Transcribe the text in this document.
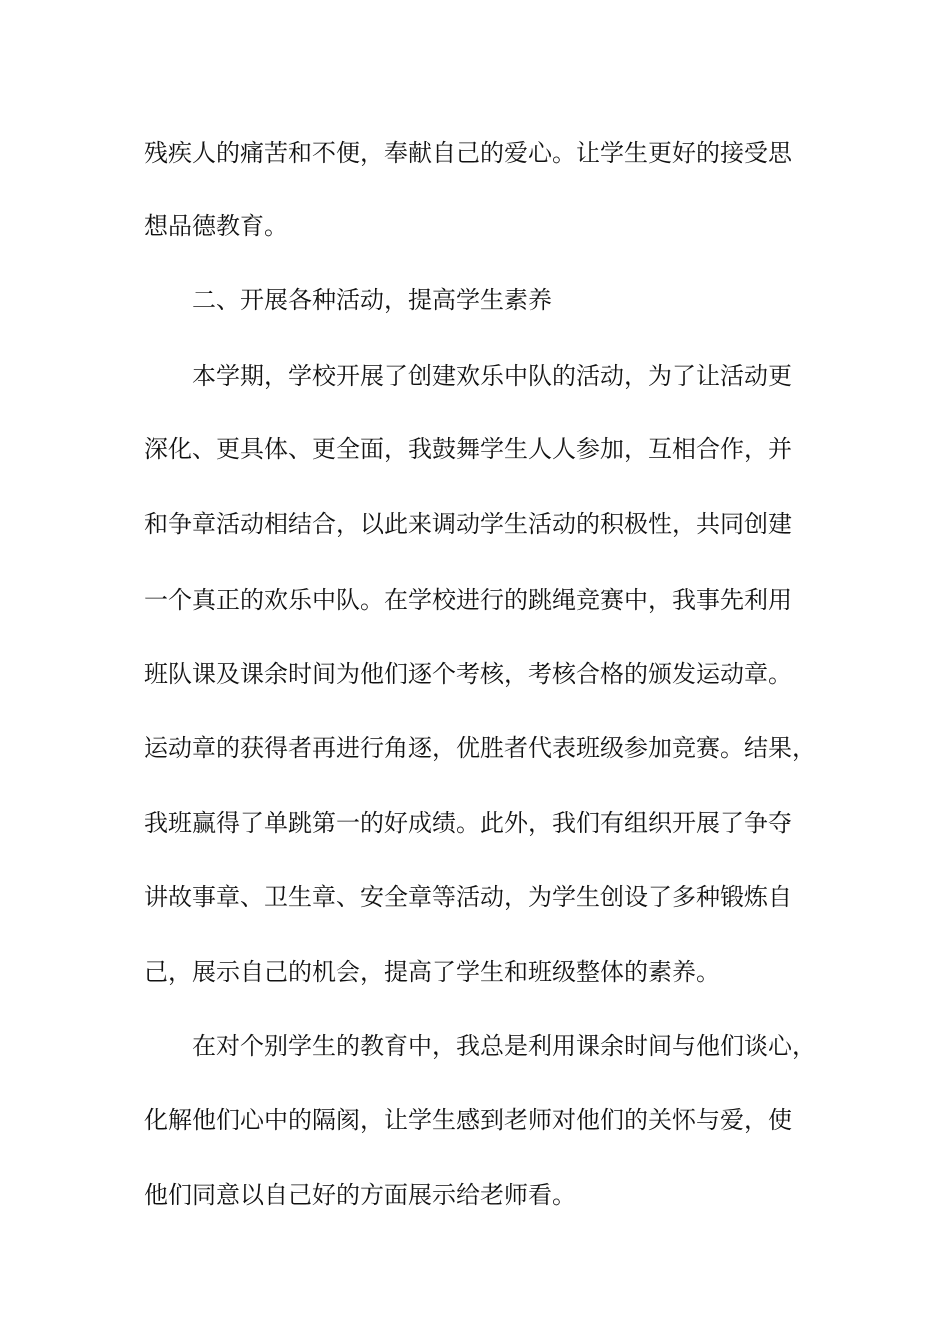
残疾人的痛苦和不便，奉献自己的爱心。让学生更好的接受思
想品德教育。
二、开展各种活动，提高学生素养
本学期，学校开展了创建欢乐中队的活动，为了让活动更
深化、更具体、更全面，我鼓舞学生人人参加，互相合作，并
和争章活动相结合，以此来调动学生活动的积极性，共同创建
一个真正的欢乐中队。在学校进行的跳绳竞赛中，我事先利用
班队课及课余时间为他们逐个考核，考核合格的颁发运动章。
运动章的获得者再进行角逐，优胜者代表班级参加竞赛。结果，
我班赢得了单跳第一的好成绩。此外，我们有组织开展了争夺
讲故事章、卫生章、安全章等活动，为学生创设了多种锻炼自
己，展示自己的机会，提高了学生和班级整体的素养。
在对个别学生的教育中，我总是利用课余时间与他们谈心，
化解他们心中的隔阂，让学生感到老师对他们的关怀与爱，使
他们同意以自己好的方面展示给老师看。
